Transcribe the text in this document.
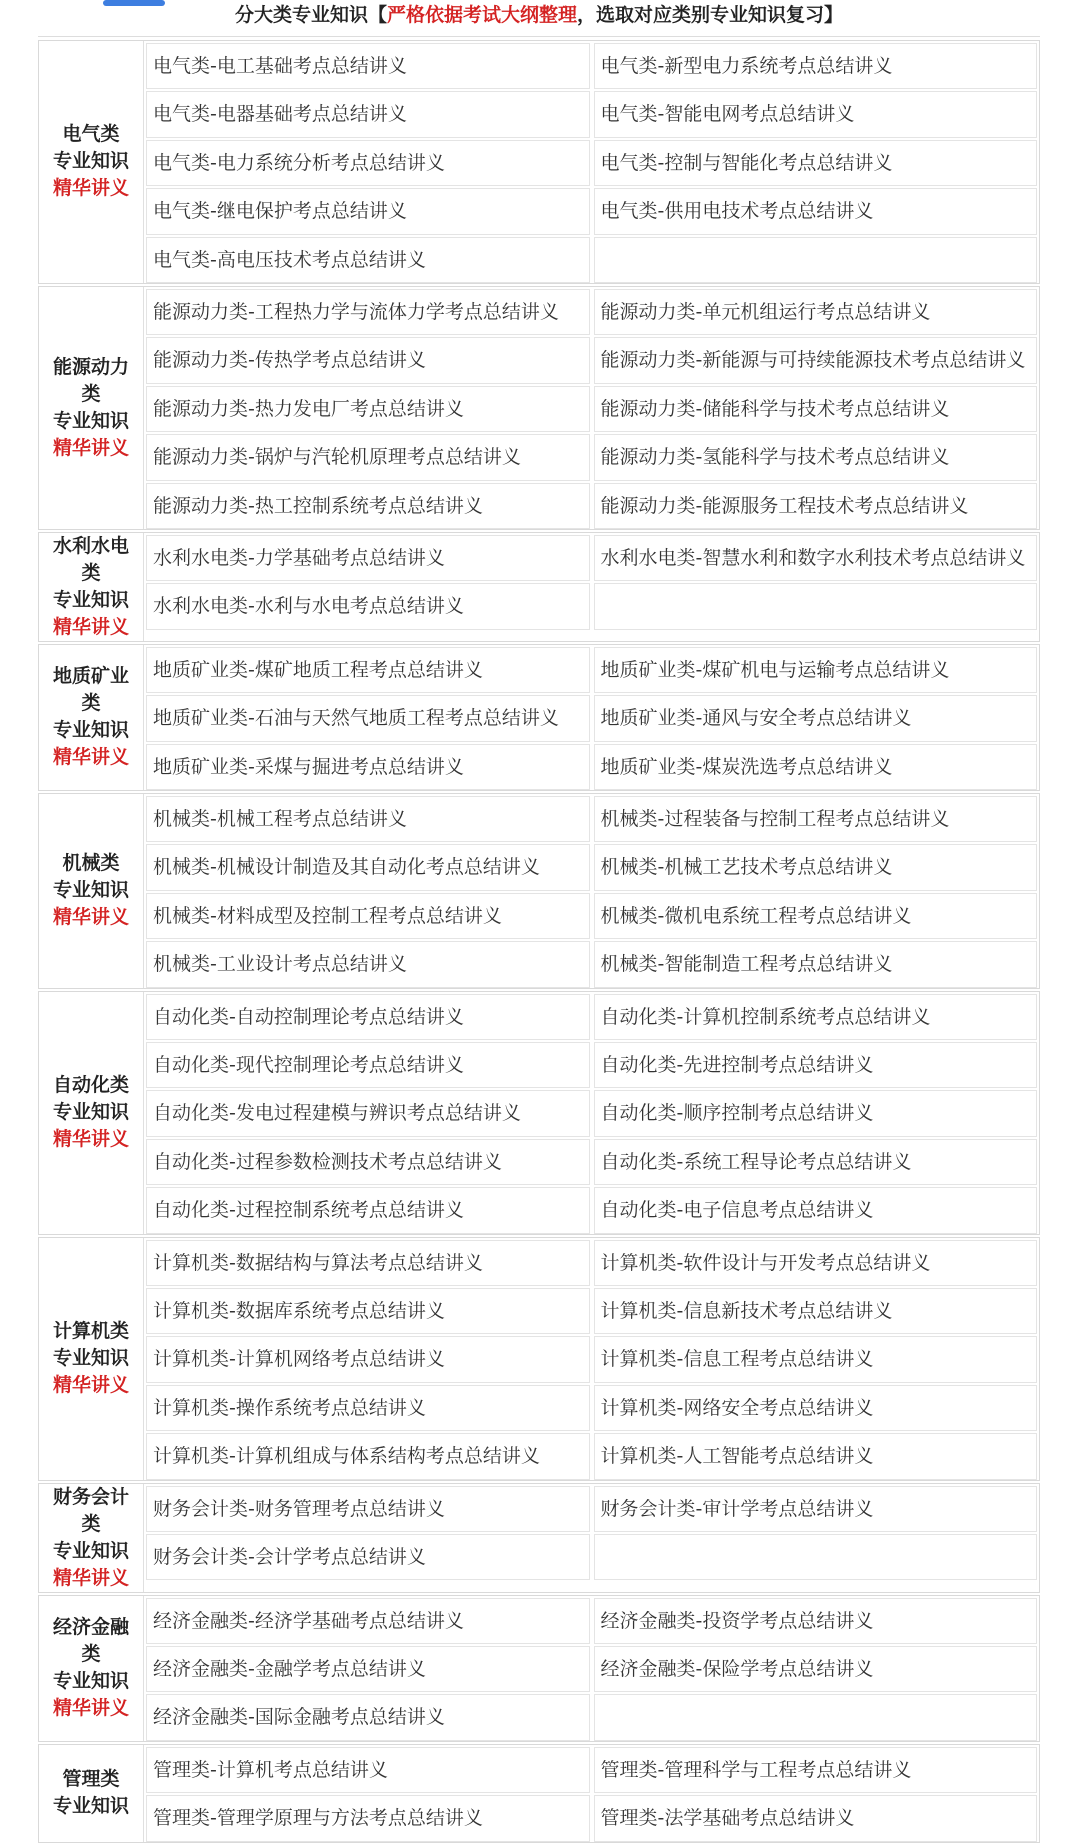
分大类专业知识【严格依据考试大纲整理，选取对应类别专业知识复习】
电气类
专业知识
精华讲义
电气类-电工基础考点总结讲义	电气类-新型电力系统考点总结讲义
电气类-电器基础考点总结讲义	电气类-智能电网考点总结讲义
电气类-电力系统分析考点总结讲义	电气类-控制与智能化考点总结讲义
电气类-继电保护考点总结讲义	电气类-供用电技术考点总结讲义
电气类-高电压技术考点总结讲义
能源动力
类
专业知识
精华讲义
能源动力类-工程热力学与流体力学考点总结讲义	能源动力类-单元机组运行考点总结讲义
能源动力类-传热学考点总结讲义	能源动力类-新能源与可持续能源技术考点总结讲义
能源动力类-热力发电厂考点总结讲义	能源动力类-储能科学与技术考点总结讲义
能源动力类-锅炉与汽轮机原理考点总结讲义	能源动力类-氢能科学与技术考点总结讲义
能源动力类-热工控制系统考点总结讲义	能源动力类-能源服务工程技术考点总结讲义
水利水电
类
专业知识
精华讲义
水利水电类-力学基础考点总结讲义	水利水电类-智慧水利和数字水利技术考点总结讲义
水利水电类-水利与水电考点总结讲义
地质矿业
类
专业知识
精华讲义
地质矿业类-煤矿地质工程考点总结讲义	地质矿业类-煤矿机电与运输考点总结讲义
地质矿业类-石油与天然气地质工程考点总结讲义	地质矿业类-通风与安全考点总结讲义
地质矿业类-采煤与掘进考点总结讲义	地质矿业类-煤炭洗选考点总结讲义
机械类
专业知识
精华讲义
机械类-机械工程考点总结讲义	机械类-过程装备与控制工程考点总结讲义
机械类-机械设计制造及其自动化考点总结讲义	机械类-机械工艺技术考点总结讲义
机械类-材料成型及控制工程考点总结讲义	机械类-微机电系统工程考点总结讲义
机械类-工业设计考点总结讲义	机械类-智能制造工程考点总结讲义
自动化类
专业知识
精华讲义
自动化类-自动控制理论考点总结讲义	自动化类-计算机控制系统考点总结讲义
自动化类-现代控制理论考点总结讲义	自动化类-先进控制考点总结讲义
自动化类-发电过程建模与辨识考点总结讲义	自动化类-顺序控制考点总结讲义
自动化类-过程参数检测技术考点总结讲义	自动化类-系统工程导论考点总结讲义
自动化类-过程控制系统考点总结讲义	自动化类-电子信息考点总结讲义
计算机类
专业知识
精华讲义
计算机类-数据结构与算法考点总结讲义	计算机类-软件设计与开发考点总结讲义
计算机类-数据库系统考点总结讲义	计算机类-信息新技术考点总结讲义
计算机类-计算机网络考点总结讲义	计算机类-信息工程考点总结讲义
计算机类-操作系统考点总结讲义	计算机类-网络安全考点总结讲义
计算机类-计算机组成与体系结构考点总结讲义	计算机类-人工智能考点总结讲义
财务会计
类
专业知识
精华讲义
财务会计类-财务管理考点总结讲义	财务会计类-审计学考点总结讲义
财务会计类-会计学考点总结讲义
经济金融
类
专业知识
精华讲义
经济金融类-经济学基础考点总结讲义	经济金融类-投资学考点总结讲义
经济金融类-金融学考点总结讲义	经济金融类-保险学考点总结讲义
经济金融类-国际金融考点总结讲义
管理类
专业知识
管理类-计算机考点总结讲义	管理类-管理科学与工程考点总结讲义
管理类-管理学原理与方法考点总结讲义	管理类-法学基础考点总结讲义
